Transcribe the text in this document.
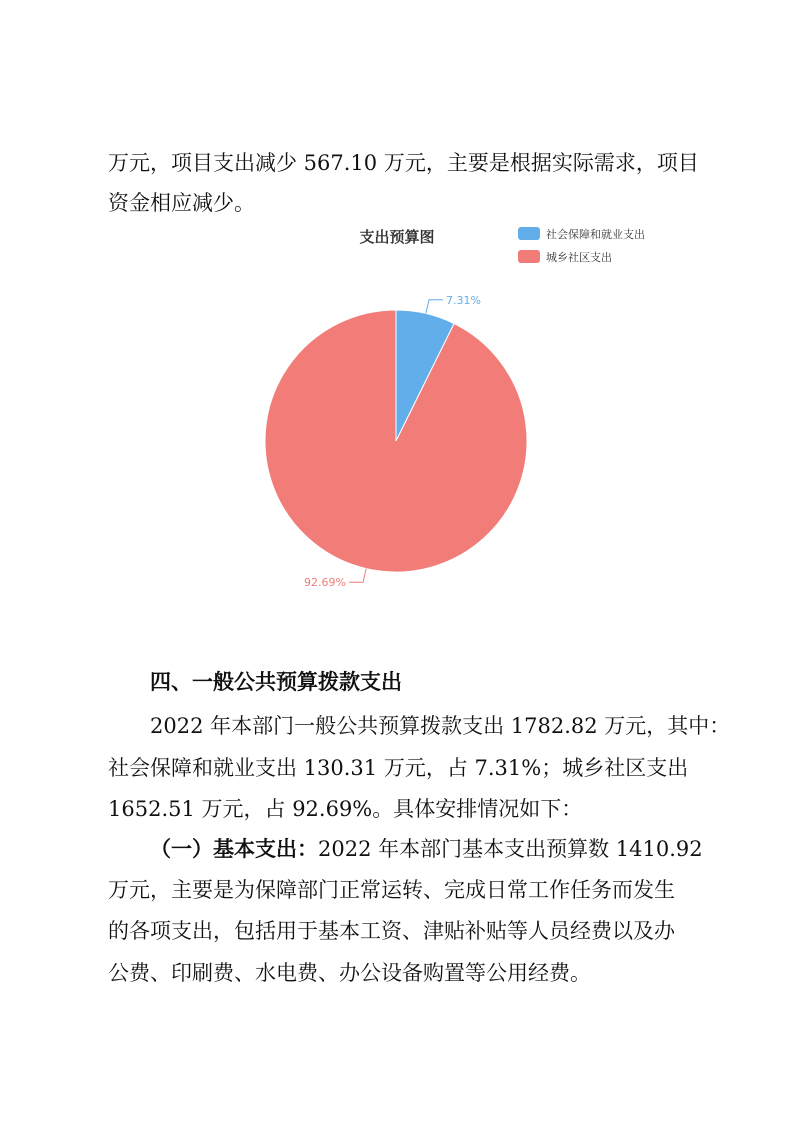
万元，项目支出减少 567.10 万元，主要是根据实际需求，项目

资金相应减少。

支出预算图	社会保障和就业支出
城乡社区支出
7.31%
92.69%

四、一般公共预算拨款支出

2022 年本部门一般公共预算拨款支出 1782.82 万元，其中：

社会保障和就业支出 130.31 万元，占 7.31%；城乡社区支出

1652.51 万元，占 92.69%。具体安排情况如下：

（一）基本支出：2022 年本部门基本支出预算数 1410.92

万元，主要是为保障部门正常运转、完成日常工作任务而发生

的各项支出，包括用于基本工资、津贴补贴等人员经费以及办

公费、印刷费、水电费、办公设备购置等公用经费。
